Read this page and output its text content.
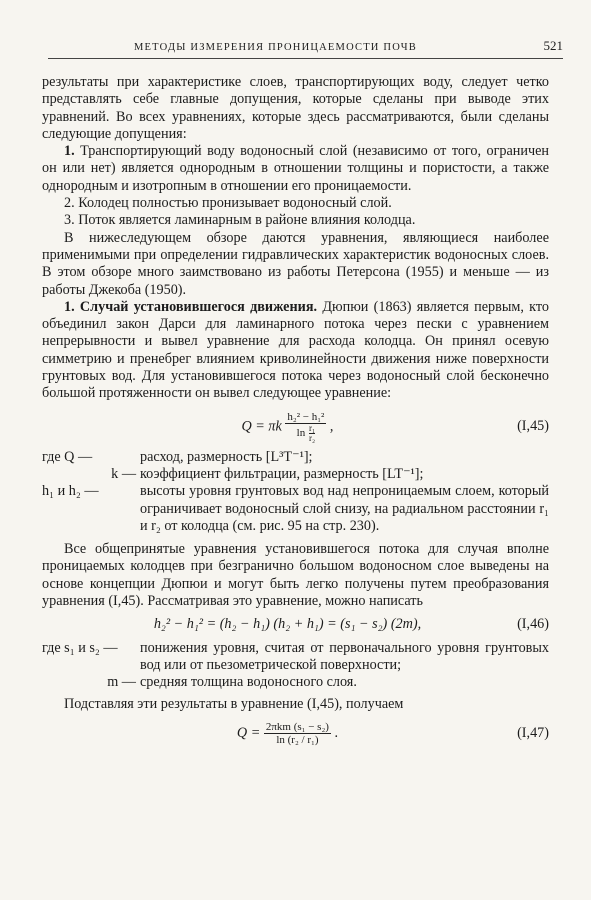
МЕТОДЫ ИЗМЕРЕНИЯ ПРОНИЦАЕМОСТИ ПОЧВ	521

результаты при характеристике слоев, транспортирующих воду, следует четко представлять себе главные допущения, которые сделаны при выводе этих уравнений. Во всех уравнениях, которые здесь рассматриваются, были сделаны следующие допущения:

1. Транспортирующий воду водоносный слой (независимо от того, ограничен он или нет) является однородным в отношении толщины и пористости, а также однородным и изотропным в отношении его проницаемости.

2. Колодец полностью пронизывает водоносный слой.

3. Поток является ламинарным в районе влияния колодца.

В нижеследующем обзоре даются уравнения, являющиеся наиболее применимыми при определении гидравлических характеристик водоносных слоев. В этом обзоре много заимствовано из работы Петерсона (1955) и меньше — из работы Джекоба (1950).

1. Случай установившегося движения. Дюпюи (1863) является первым, кто объединил закон Дарси для ламинарного потока через пески с уравнением непрерывности и вывел уравнение для расхода колодца. Он принял осевую симметрию и пренебрег влиянием криволинейности движения ниже поверхности грунтовых вод. Для установившегося потока через водоносный слой бесконечно большой протяженности он вывел следующее уравнение:

Q = πk $\frac{\text{h₂² − h₁²}}{\ln \frac{\text{r₁}}{\text{r₂}}}$ ,	(I,45)
где Q —	расход, размерность [L³T⁻¹];
k — коэффициент фильтрации, размерность [LT⁻¹];
h₁ и h₂ —	высоты уровня грунтовых вод над непроницаемым слоем, который ограничивает водоносный слой снизу, на радиальном расстоянии r₁ и r₂ от колодца (см. рис. 95 на стр. 230).

Все общепринятые уравнения установившегося потока для случая вполне проницаемых колодцев при безгранично большом водоносном слое выведены на основе концепции Дюпюи и могут быть легко получены путем преобразования уравнения (I,45). Рассматривая это уравнение, можно написать

h₂² − h₁² = (h₂ − h₁) (h₂ + h₁) = (s₁ − s₂) (2m),	(I,46)
где s₁ и s₂ —	понижения уровня, считая от первоначального уровня грунтовых вод или от пьезометрической поверхности;
m — средняя толщина водоносного слоя.

Подставляя эти результаты в уравнение (I,45), получаем

$Q = \frac{\text{2πkm (s₁ − s₂)}}{\text{ln (r₂ / r₁)}}$ .	(I,47)
